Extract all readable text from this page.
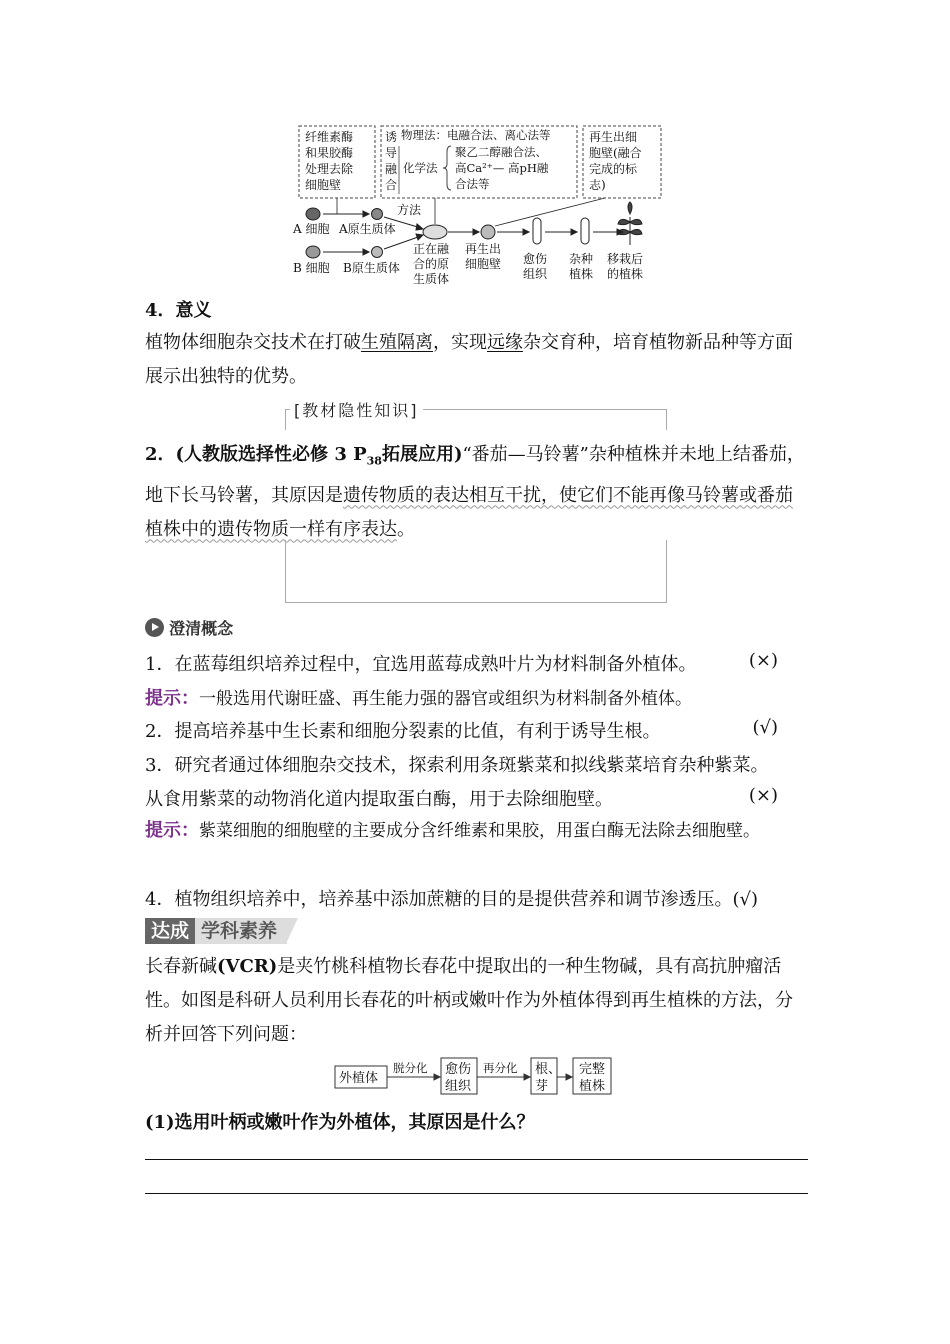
纤维素酶
和果胶酶
处理去除
细胞壁
诱
导
融
合
物理法： 电融合法、离心法等
化学法
聚乙二醇融合法、
高Ca²⁺— 高pH融
合法等
再生出细
胞壁(融合
完成的标
志)
方法
A 细胞 A原生质体
B 细胞 B原生质体
正在融
合的原
生质体
再生出
细胞壁 愈伤
组织
杂种
植株
移栽后
的植株
4．意义
植物体细胞杂交技术在打破生殖隔离，实现远缘杂交育种，培育植物新品种等方面展示出独特的优势。
[教材隐性知识]
2．(人教版选择性必修 3 $P_{38}$拓展应用)“番茄—马铃薯”杂种植株并未地上结番茄，地下长马铃薯，其原因是遗传物质的表达相互干扰，使它们不能再像马铃薯或番茄植株中的遗传物质一样有序表达。
澄清概念
1．在蓝莓组织培养过程中，宜选用蓝莓成熟叶片为材料制备外植体。	(×)
提示：一般选用代谢旺盛、再生能力强的器官或组织为材料制备外植体。
2．提高培养基中生长素和细胞分裂素的比值，有利于诱导生根。	(√)
3．研究者通过体细胞杂交技术，探索利用条斑紫菜和拟线紫菜培育杂种紫菜。
从食用紫菜的动物消化道内提取蛋白酶，用于去除细胞壁。	(×)
提示：紫菜细胞的细胞壁的主要成分含纤维素和果胶，用蛋白酶无法除去细胞壁。
4．植物组织培养中，培养基中添加蔗糖的目的是提供营养和调节渗透压。(√)
达成 学科素养
长春新碱(VCR)是夹竹桃科植物长春花中提取出的一种生物碱，具有高抗肿瘤活性。如图是科研人员利用长春花的叶柄或嫩叶作为外植体得到再生植株的方法，分析并回答下列问题：
外植体
脱分化 愈伤
组织
再分化 根、
芽
完整
植株
(1)选用叶柄或嫩叶作为外植体，其原因是什么？
